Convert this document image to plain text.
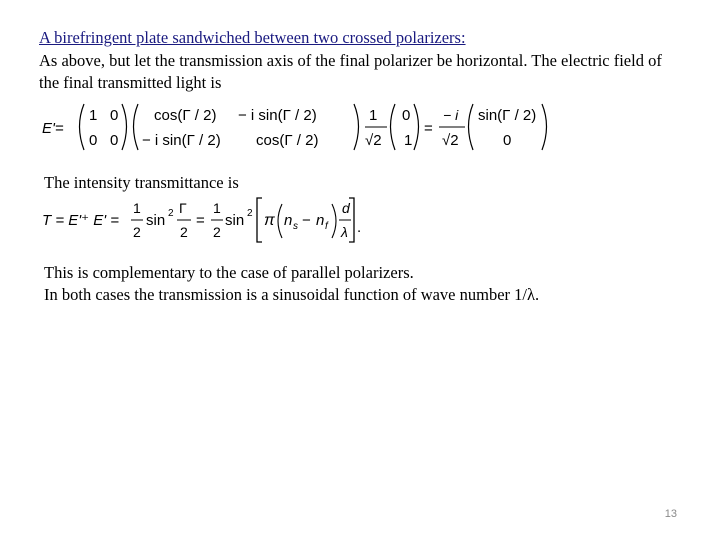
A birefringent plate sandwiched between two crossed polarizers:
As above, but let the transmission axis of the final polarizer be horizontal. The electric field of the final transmitted light is
E'=
1 0
0 0
cos(Γ / 2) − i sin(Γ / 2)
− i sin(Γ / 2) cos(Γ / 2)
1
√2
0
1
=
− i
√2
sin(Γ / 2)
0
The intensity transmittance is
T = E'⁺ E' =
1
2
sin 2 Γ
2
=
1
2
sin 2 π n s − n f
d
λ .
This is complementary to the case of parallel polarizers.
In both cases the transmission is a sinusoidal function of wave number 1/λ.
13
